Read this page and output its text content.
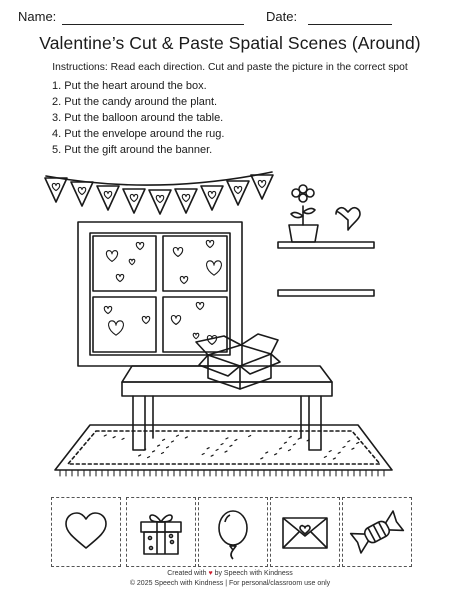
Name:	Date:
Valentine’s Cut & Paste Spatial Scenes (Around)
Instructions: Read each direction. Cut and paste the picture in the correct spot
1. Put the heart around the box.
2. Put the candy around the plant.
3. Put the balloon around the table.
4. Put the envelope around the rug.
5. Put the gift around the banner.
Created with ♥ by Speech with Kindness
© 2025 Speech with Kindness | For personal/classroom use only
